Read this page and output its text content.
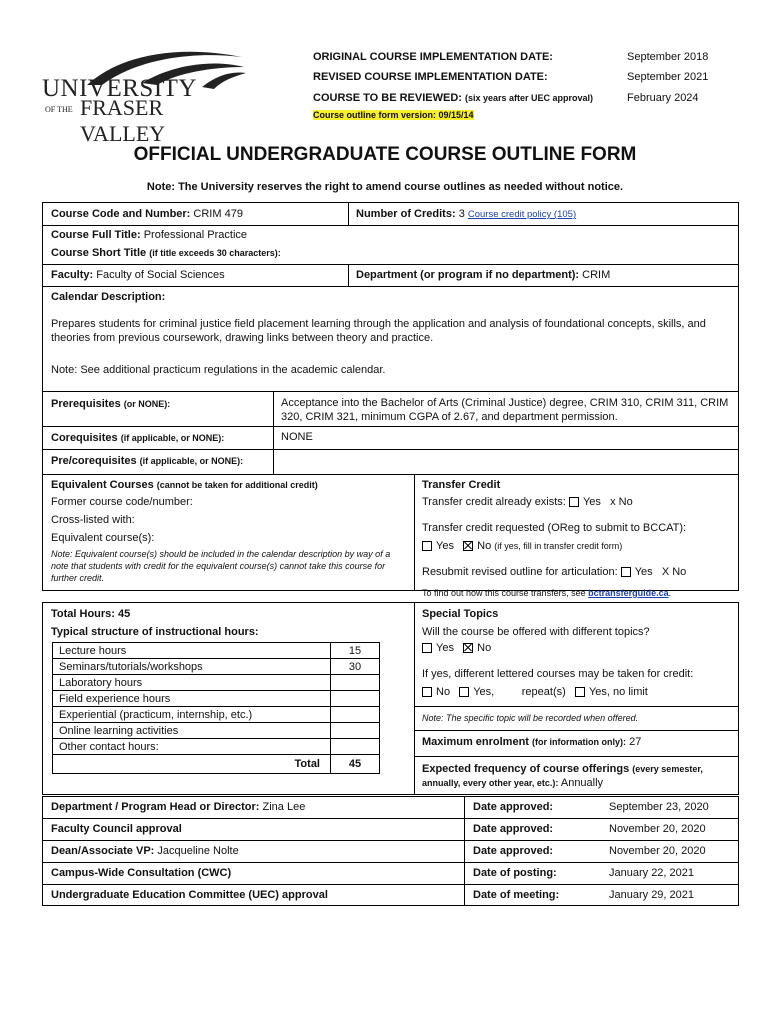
UNIVERSITY
OF THE FRASER VALLEY
ORIGINAL COURSE IMPLEMENTATION DATE:	September 2018
REVISED COURSE IMPLEMENTATION DATE:	September 2021
COURSE TO BE REVIEWED: (six years after UEC approval)	February 2024
Course outline form version: 09/15/14
OFFICIAL UNDERGRADUATE COURSE OUTLINE FORM
Note: The University reserves the right to amend course outlines as needed without notice.
Course Code and Number: CRIM 479	Number of Credits: 3 Course credit policy (105)
Course Full Title: Professional Practice
Course Short Title (if title exceeds 30 characters):
Faculty: Faculty of Social Sciences	Department (or program if no department): CRIM
Calendar Description:
Prepares students for criminal justice field placement learning through the application and analysis of foundational concepts, skills, and theories from previous coursework, drawing links between theory and practice.
Note: See additional practicum regulations in the academic calendar.
Prerequisites (or NONE):	Acceptance into the Bachelor of Arts (Criminal Justice) degree, CRIM 310, CRIM 311, CRIM 320, CRIM 321, minimum CGPA of 2.67, and department permission.
Corequisites (if applicable, or NONE):	NONE
Pre/corequisites (if applicable, or NONE):
Equivalent Courses (cannot be taken for additional credit)
Former course code/number:
Cross-listed with:
Equivalent course(s):
Note: Equivalent course(s) should be included in the calendar description by way of a note that students with credit for the equivalent course(s) cannot take this course for further credit.
Transfer Credit
Transfer credit already exists: Yes x No
Transfer credit requested (OReg to submit to BCCAT):
Yes No (if yes, fill in transfer credit form)
Resubmit revised outline for articulation: Yes X No
To find out how this course transfers, see bctransferguide.ca.
Total Hours: 45
Typical structure of instructional hours:
Lecture hours	15
Seminars/tutorials/workshops	30
Laboratory hours	
Field experience hours	
Experiential (practicum, internship, etc.)	
Online learning activities	
Other contact hours:	
Total	45
Special Topics
Will the course be offered with different topics?
Yes No
If yes, different lettered courses may be taken for credit:
No Yes,	repeat(s) Yes, no limit
Note: The specific topic will be recorded when offered.
Maximum enrolment (for information only): 27
Expected frequency of course offerings (every semester, annually, every other year, etc.): Annually
Department / Program Head or Director: Zina Lee	Date approved:	September 23, 2020
Faculty Council approval	Date approved:	November 20, 2020
Dean/Associate VP: Jacqueline Nolte	Date approved:	November 20, 2020
Campus-Wide Consultation (CWC)	Date of posting:	January 22, 2021
Undergraduate Education Committee (UEC) approval	Date of meeting:	January 29, 2021
